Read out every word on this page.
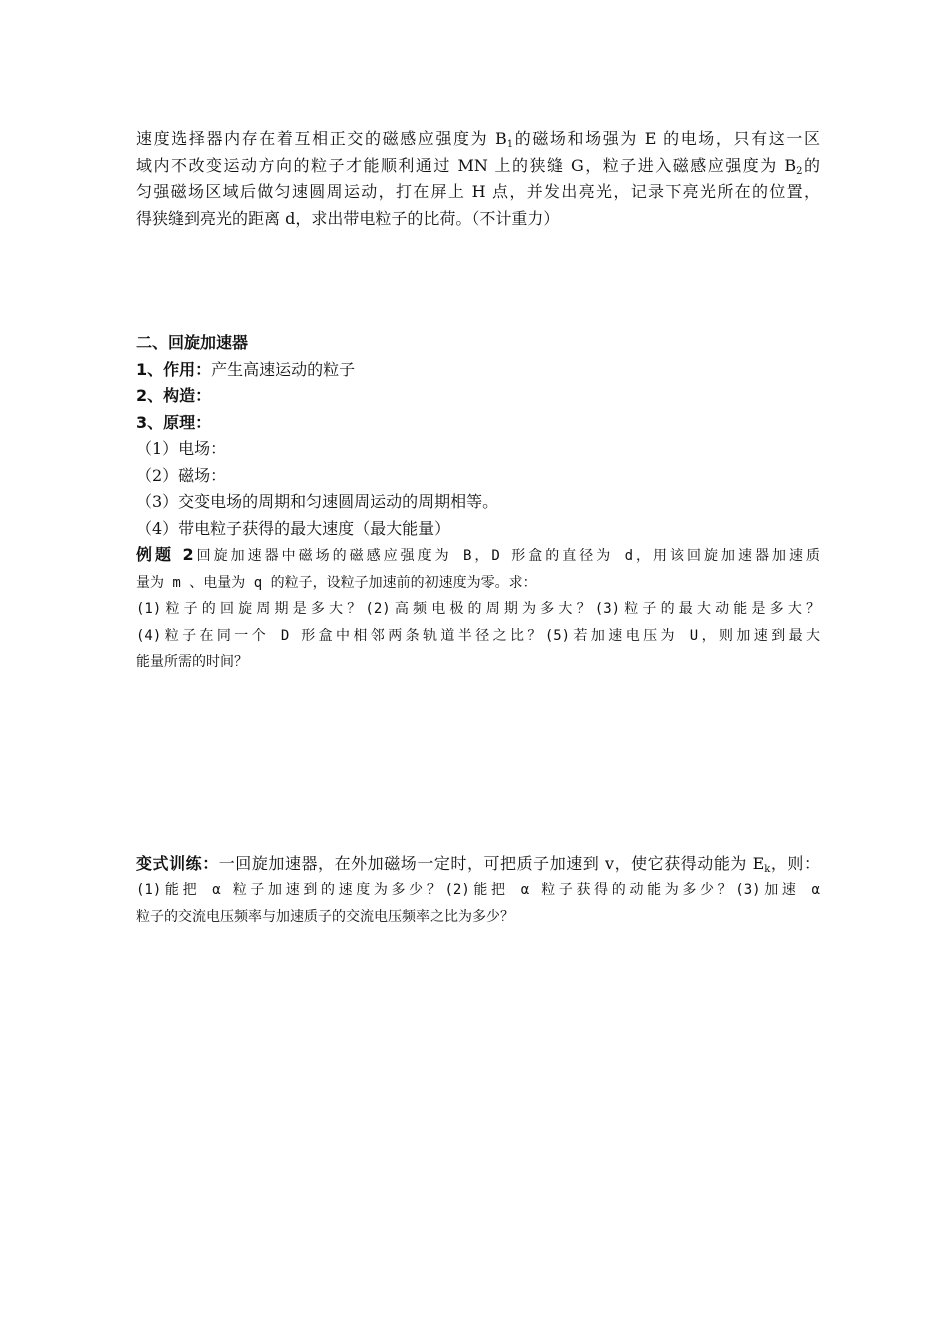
速度选择器内存在着互相正交的磁感应强度为 $B_1$的磁场和场强为 E 的电场，只有这一区
域内不改变运动方向的粒子才能顺利通过 MN 上的狭缝 G，粒子进入磁感应强度为 $B_2$的
匀强磁场区域后做匀速圆周运动，打在屏上 H 点，并发出亮光，记录下亮光所在的位置，
得狭缝到亮光的距离 d，求出带电粒子的比荷。（不计重力）
二、回旋加速器
1、作用：产生高速运动的粒子
2、构造：
3、原理：
（1）电场：
（2）磁场：
（3）交变电场的周期和匀速圆周运动的周期相等。
（4）带电粒子获得的最大速度（最大能量）
例题 2回旋加速器中磁场的磁感应强度为 B，D 形盒的直径为 d，用该回旋加速器加速质
量为 m 、电量为 q 的粒子，设粒子加速前的初速度为零。求：
(1)粒子的回旋周期是多大？(2)高频电极的周期为多大？(3)粒子的最大动能是多大？
(4)粒子在同一个 D 形盒中相邻两条轨道半径之比？(5)若加速电压为 U，则加速到最大
能量所需的时间？
变式训练：一回旋加速器，在外加磁场一定时，可把质子加速到 v，使它获得动能为 $E_k$，则：
(1)能把 α 粒子加速到的速度为多少？(2)能把 α 粒子获得的动能为多少？(3)加速 α
粒子的交流电压频率与加速质子的交流电压频率之比为多少？
